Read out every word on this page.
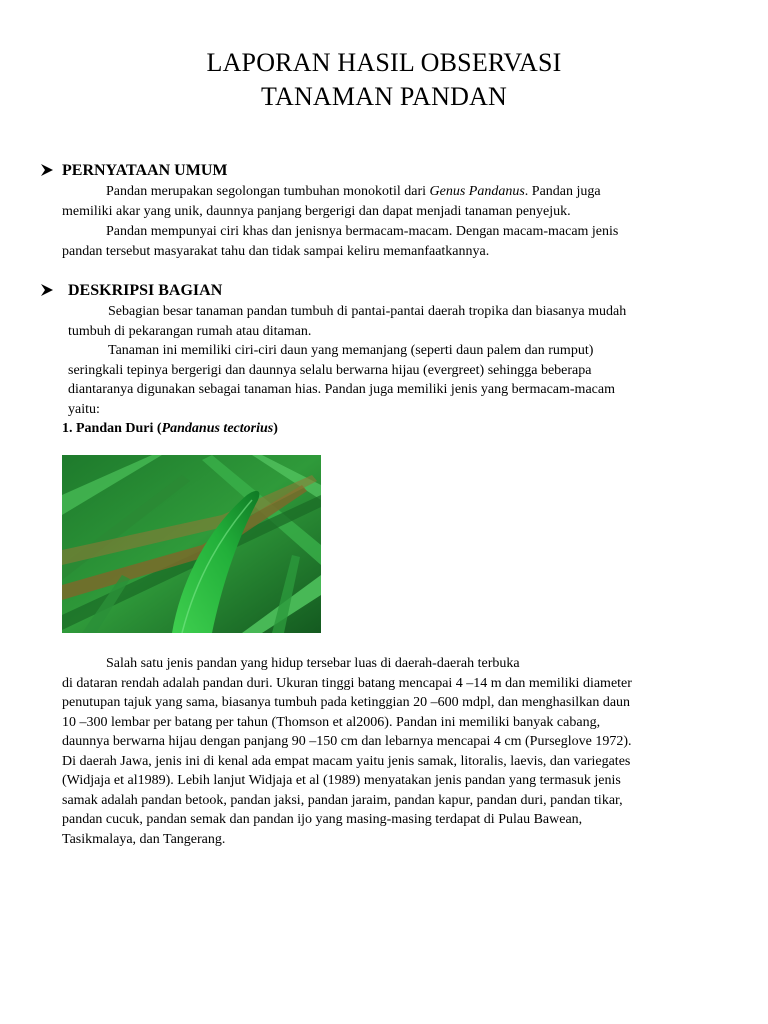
LAPORAN HASIL OBSERVASI
TANAMAN PANDAN
PERNYATAAN UMUM
Pandan merupakan segolongan tumbuhan monokotil dari Genus Pandanus. Pandan juga
memiliki akar yang unik, daunnya panjang bergerigi dan dapat menjadi tanaman penyejuk.
Pandan mempunyai ciri khas dan jenisnya bermacam-macam. Dengan macam-macam jenis
pandan tersebut masyarakat tahu dan tidak sampai keliru memanfaatkannya.
DESKRIPSI BAGIAN
Sebagian besar tanaman pandan tumbuh di pantai-pantai daerah tropika dan biasanya mudah
tumbuh di pekarangan rumah atau ditaman.
Tanaman ini memiliki ciri-ciri daun yang memanjang (seperti daun palem dan rumput)
seringkali tepinya bergerigi dan daunnya selalu berwarna hijau (evergreet) sehingga beberapa
diantaranya digunakan sebagai tanaman hias. Pandan juga memiliki jenis yang bermacam-macam
yaitu:
1. Pandan Duri (Pandanus tectorius)
Salah satu jenis pandan yang hidup tersebar luas di daerah-daerah terbuka
di dataran rendah adalah pandan duri. Ukuran tinggi batang mencapai 4 –14 m dan memiliki diameter
penutupan tajuk yang sama, biasanya tumbuh pada ketinggian 20 –600 mdpl, dan menghasilkan daun
10 –300 lembar per batang per tahun (Thomson et al2006). Pandan ini memiliki banyak cabang,
daunnya berwarna hijau dengan panjang 90 –150 cm dan lebarnya mencapai 4 cm (Purseglove 1972).
Di daerah Jawa, jenis ini di kenal ada empat macam yaitu jenis samak, litoralis, laevis, dan variegates
(Widjaja et al1989). Lebih lanjut Widjaja et al (1989) menyatakan jenis pandan yang termasuk jenis
samak adalah pandan betook, pandan jaksi, pandan jaraim, pandan kapur, pandan duri, pandan tikar,
pandan cucuk, pandan semak dan pandan ijo yang masing-masing terdapat di Pulau Bawean,
Tasikmalaya, dan Tangerang.
